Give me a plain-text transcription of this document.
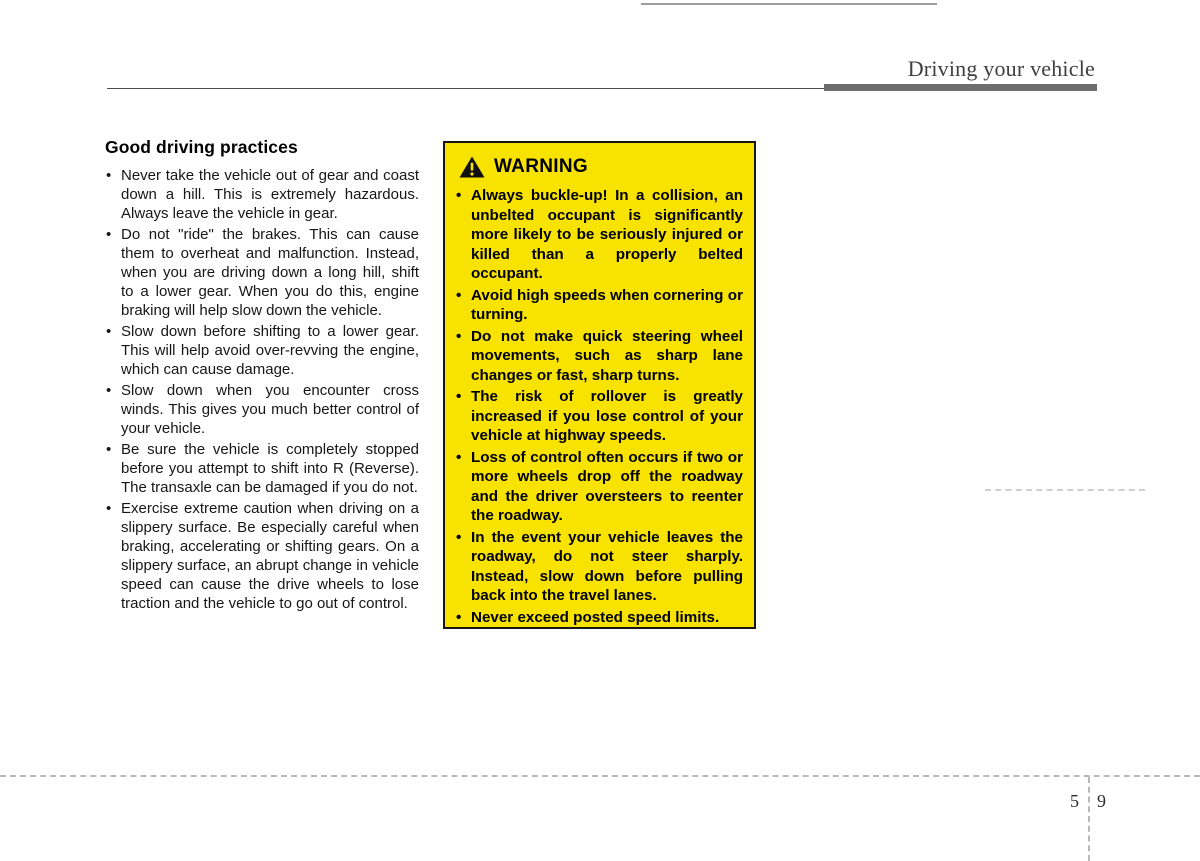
Driving your vehicle
Good driving practices
• Never take the vehicle out of gear and coast down a hill. This is extremely hazardous. Always leave the vehicle in gear.
• Do not "ride" the brakes. This can cause them to overheat and malfunction. Instead, when you are driving down a long hill, shift to a lower gear. When you do this, engine braking will help slow down the vehicle.
• Slow down before shifting to a lower gear. This will help avoid over-revving the engine, which can cause damage.
• Slow down when you encounter cross winds. This gives you much better control of your vehicle.
• Be sure the vehicle is completely stopped before you attempt to shift into R (Reverse). The transaxle can be damaged if you do not.
• Exercise extreme caution when driving on a slippery surface. Be especially careful when braking, accelerating or shifting gears. On a slippery surface, an abrupt change in vehicle speed can cause the drive wheels to lose traction and the vehicle to go out of control.
WARNING
• Always buckle-up! In a collision, an unbelted occupant is significantly more likely to be seriously injured or killed than a properly belted occupant.
• Avoid high speeds when cornering or turning.
• Do not make quick steering wheel movements, such as sharp lane changes or fast, sharp turns.
• The risk of rollover is greatly increased if you lose control of your vehicle at highway speeds.
• Loss of control often occurs if two or more wheels drop off the roadway and the driver oversteers to reenter the roadway.
• In the event your vehicle leaves the roadway, do not steer sharply. Instead, slow down before pulling back into the travel lanes.
• Never exceed posted speed limits.
5 9
